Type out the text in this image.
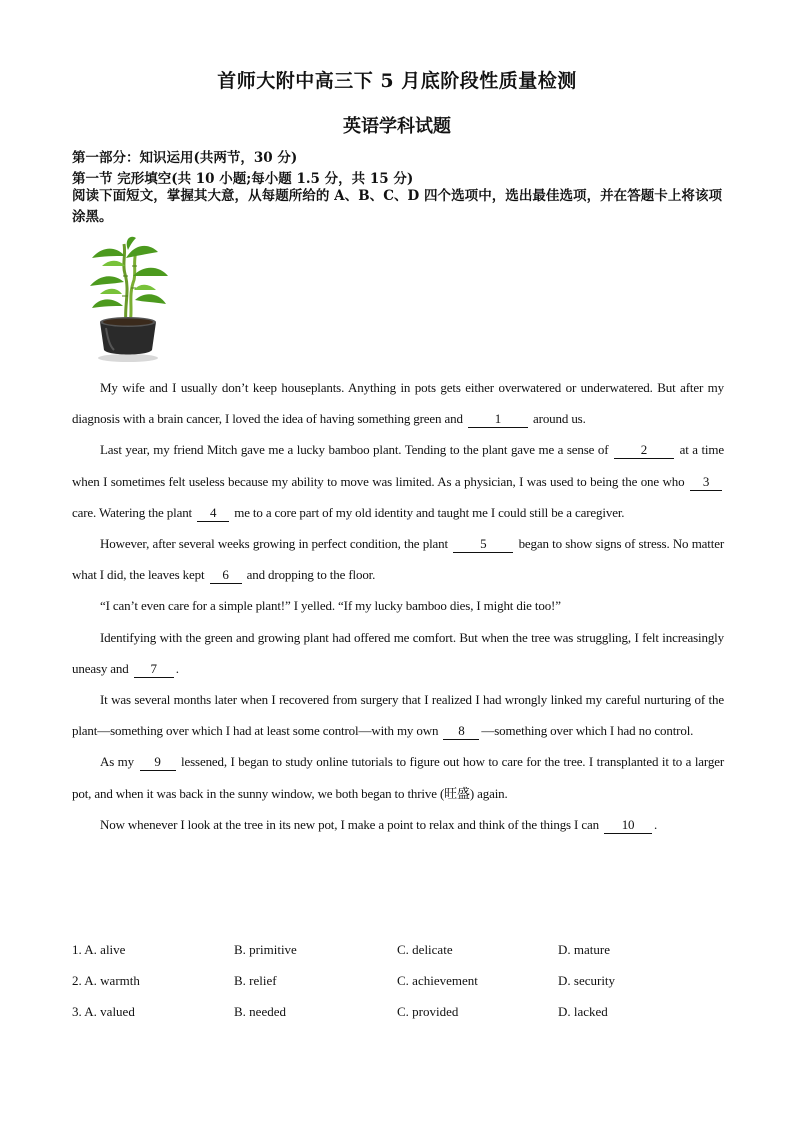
首师大附中高三下 5 月底阶段性质量检测
英语学科试题
第一部分：知识运用(共两节，30 分)
第一节 完形填空(共 10 小题;每小题 1.5 分，共 15 分)
阅读下面短文，掌握其大意，从每题所给的 A、B、C、D 四个选项中，选出最佳选项，并在答题卡上将该项涂黑。

My wife and I usually don’t keep houseplants. Anything in pots gets either overwatered or underwatered. But after my diagnosis with a brain cancer, I loved the idea of having something green and 1 around us.

Last year, my friend Mitch gave me a lucky bamboo plant. Tending to the plant gave me a sense of 2 at a time when I sometimes felt useless because my ability to move was limited. As a physician, I was used to being the one who 3 care. Watering the plant 4 me to a core part of my old identity and taught me I could still be a caregiver.

However, after several weeks growing in perfect condition, the plant 5 began to show signs of stress. No matter what I did, the leaves kept 6 and dropping to the floor.

“I can’t even care for a simple plant!” I yelled. “If my lucky bamboo dies, I might die too!”

Identifying with the green and growing plant had offered me comfort. But when the tree was struggling, I felt increasingly uneasy and 7 .

It was several months later when I recovered from surgery that I realized I had wrongly linked my careful nurturing of the plant—something over which I had at least some control—with my own 8 —something over which I had no control.

As my 9 lessened, I began to study online tutorials to figure out how to care for the tree. I transplanted it to a larger pot, and when it was back in the sunny window, we both began to thrive (旺盛) again.

Now whenever I look at the tree in its new pot, I make a point to relax and think of the things I can 10 .

1. A. alive	B. primitive	C. delicate	D. mature
2. A. warmth	B. relief	C. achievement	D. security
3. A. valued	B. needed	C. provided	D. lacked
